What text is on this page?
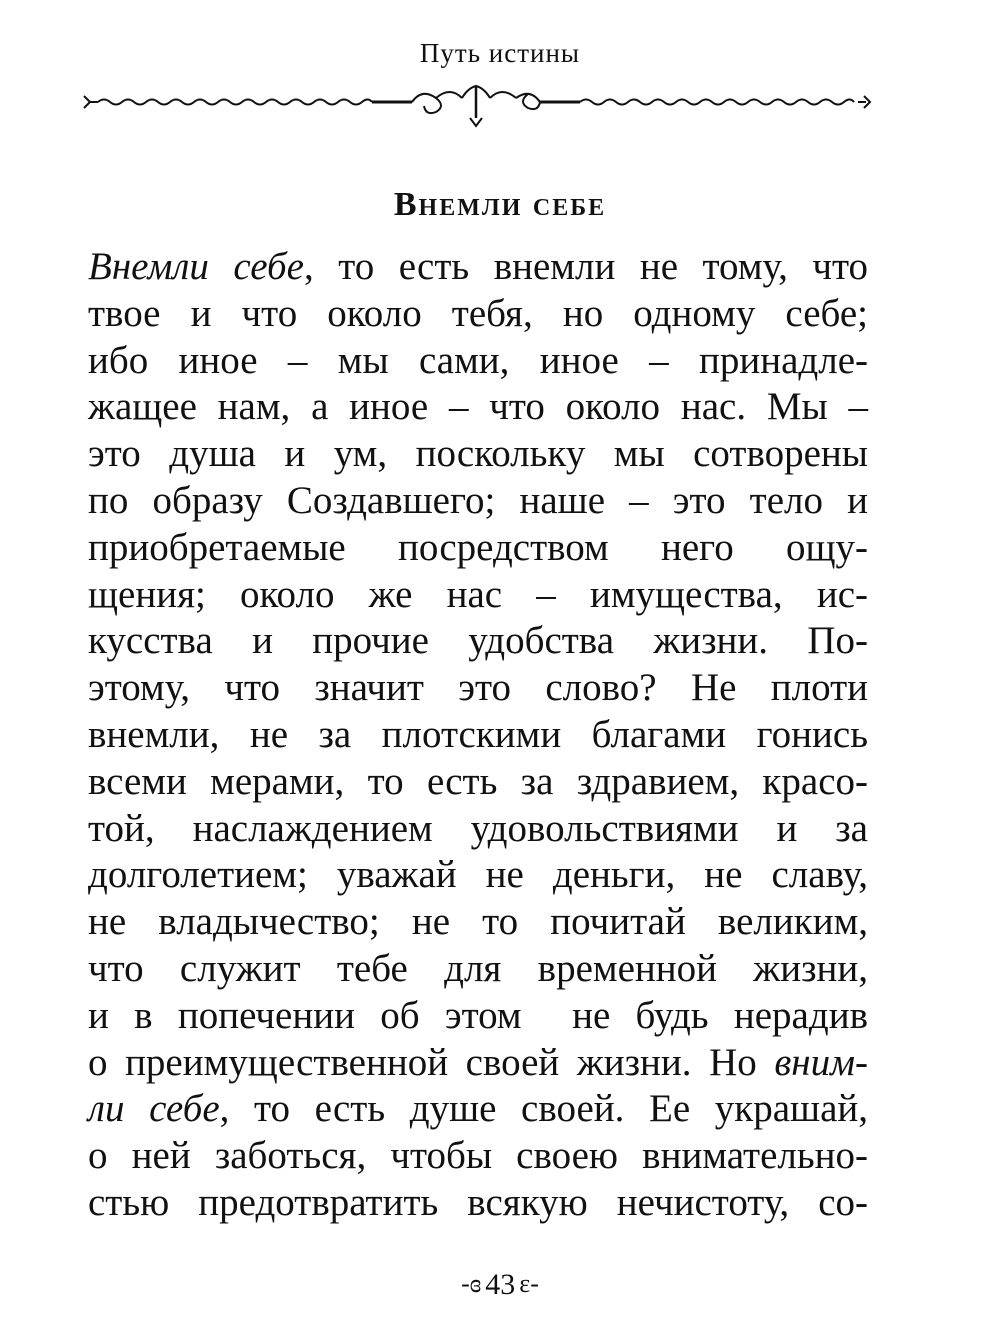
Путь истины
Внемли себе
Внемли себе, то есть внемли не тому, что
твое и что около тебя, но одному себе;
ибо иное – мы сами, иное – принадле-
жащее нам, а иное – что около нас. Мы –
это душа и ум, поскольку мы сотворены
по образу Создавшего; наше – это тело и
приобретаемые посредством него ощу-
щения; около же нас – имущества, ис-
кусства и прочие удобства жизни. По-
этому, что значит это слово? Не плоти
внемли, не за плотскими благами гонись
всеми мерами, то есть за здравием, красо-
той, наслаждением удовольствиями и за
долголетием; уважай не деньги, не славу,
не владычество; не то почитай великим,
что служит тебе для временной жизни,
и в попечении об этом  не будь нерадив
о преимущественной своей жизни. Но вним-
ли себе, то есть душе своей. Ее украшай,
о ней заботься, чтобы своею внимательно-
стью предотвратить всякую нечистоту, со-
-ɞ 43 ɛ-
